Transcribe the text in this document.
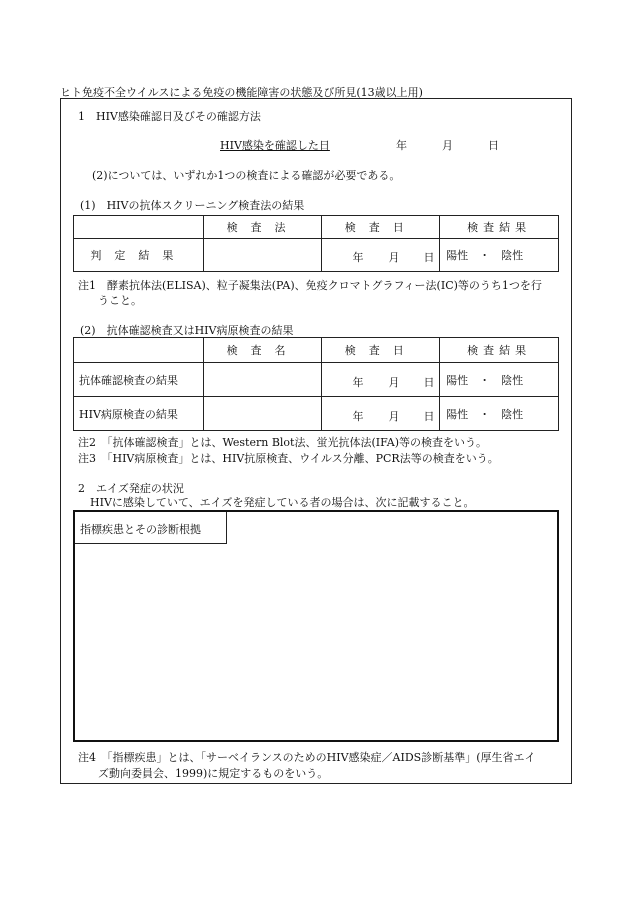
ヒト免疫不全ウイルスによる免疫の機能障害の状態及び所見(13歳以上用)
1　HIV感染確認日及びその確認方法
HIV感染を確認した日	年	月	日
(2)については、いずれか1つの検査による確認が必要である。
(1)　HIVの抗体スクリーニング検査法の結果
	検査法	検査日	検査結果
判定結果		年 月 日	陽性　・　陰性
注1　酵素抗体法(ELISA)、粒子凝集法(PA)、免疫クロマトグラフィー法(IC)等のうち1つを行
うこと。
(2)　抗体確認検査又はHIV病原検査の結果
	検査名	検査日	検査結果
抗体確認検査の結果		年 月 日	陽性　・　陰性
HIV病原検査の結果		年 月 日	陽性　・　陰性
注2　「抗体確認検査」とは、Western Blot法、蛍光抗体法(IFA)等の検査をいう。
注3　「HIV病原検査」とは、HIV抗原検査、ウイルス分離、PCR法等の検査をいう。
2　エイズ発症の状況
HIVに感染していて、エイズを発症している者の場合は、次に記載すること。
指標疾患とその診断根拠
注4　「指標疾患」とは、「サーベイランスのためのHIV感染症／AIDS診断基準」(厚生省エイ
ズ動向委員会、1999)に規定するものをいう。
